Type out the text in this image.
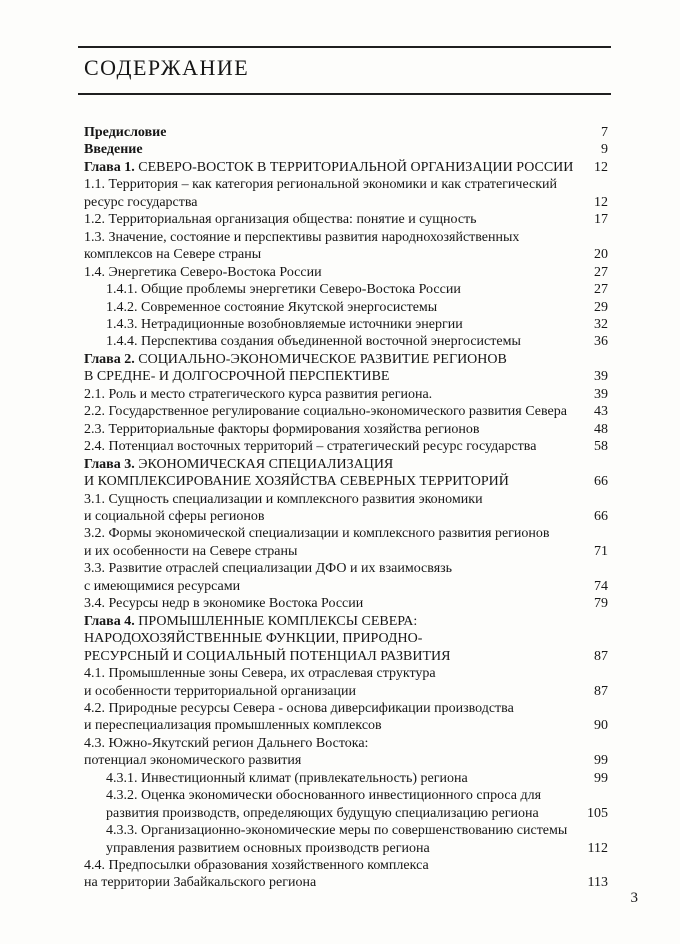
СОДЕРЖАНИЕ
Предисловие	7
Введение	9
Глава 1. СЕВЕРО-ВОСТОК В ТЕРРИТОРИАЛЬНОЙ ОРГАНИЗАЦИИ РОССИИ	12
1.1. Территория – как категория региональной экономики и как стратегический
ресурс государства	12
1.2. Территориальная организация общества: понятие и сущность	17
1.3. Значение, состояние и перспективы развития народнохозяйственных
комплексов на Севере страны	20
1.4. Энергетика Северо-Востока России	27
1.4.1. Общие проблемы энергетики Северо-Востока России	27
1.4.2. Современное состояние Якутской энергосистемы	29
1.4.3. Нетрадиционные возобновляемые источники энергии	32
1.4.4. Перспектива создания объединенной восточной энергосистемы	36
Глава 2. СОЦИАЛЬНО-ЭКОНОМИЧЕСКОЕ РАЗВИТИЕ РЕГИОНОВ
В СРЕДНЕ- И ДОЛГОСРОЧНОЙ ПЕРСПЕКТИВЕ	39
2.1. Роль и место стратегического курса развития региона.	39
2.2. Государственное регулирование социально-экономического развития Севера	43
2.3. Территориальные факторы формирования хозяйства регионов	48
2.4. Потенциал восточных территорий – стратегический ресурс государства	58
Глава 3. ЭКОНОМИЧЕСКАЯ СПЕЦИАЛИЗАЦИЯ
И КОМПЛЕКСИРОВАНИЕ ХОЗЯЙСТВА СЕВЕРНЫХ ТЕРРИТОРИЙ	66
3.1. Сущность специализации и комплексного развития экономики
и социальной сферы регионов	66
3.2. Формы экономической специализации и комплексного развития регионов
и их особенности на Севере страны	71
3.3. Развитие отраслей специализации ДФО и их взаимосвязь
с имеющимися ресурсами	74
3.4. Ресурсы недр в экономике Востока России	79
Глава 4. ПРОМЫШЛЕННЫЕ КОМПЛЕКСЫ СЕВЕРА:
НАРОДОХОЗЯЙСТВЕННЫЕ ФУНКЦИИ, ПРИРОДНО-
РЕСУРСНЫЙ И СОЦИАЛЬНЫЙ ПОТЕНЦИАЛ РАЗВИТИЯ	87
4.1. Промышленные зоны Севера, их отраслевая структура
и особенности территориальной организации	87
4.2. Природные ресурсы Севера - основа диверсификации производства
и переспециализация промышленных комплексов	90
4.3. Южно-Якутский регион Дальнего Востока:
потенциал экономического развития	99
4.3.1. Инвестиционный климат (привлекательность) региона	99
4.3.2. Оценка экономически обоснованного инвестиционного спроса для
развития производств, определяющих будущую специализацию региона	105
4.3.3. Организационно-экономические меры по совершенствованию системы
управления развитием основных производств региона	112
4.4. Предпосылки образования хозяйственного комплекса
на территории Забайкальского региона	113
3
